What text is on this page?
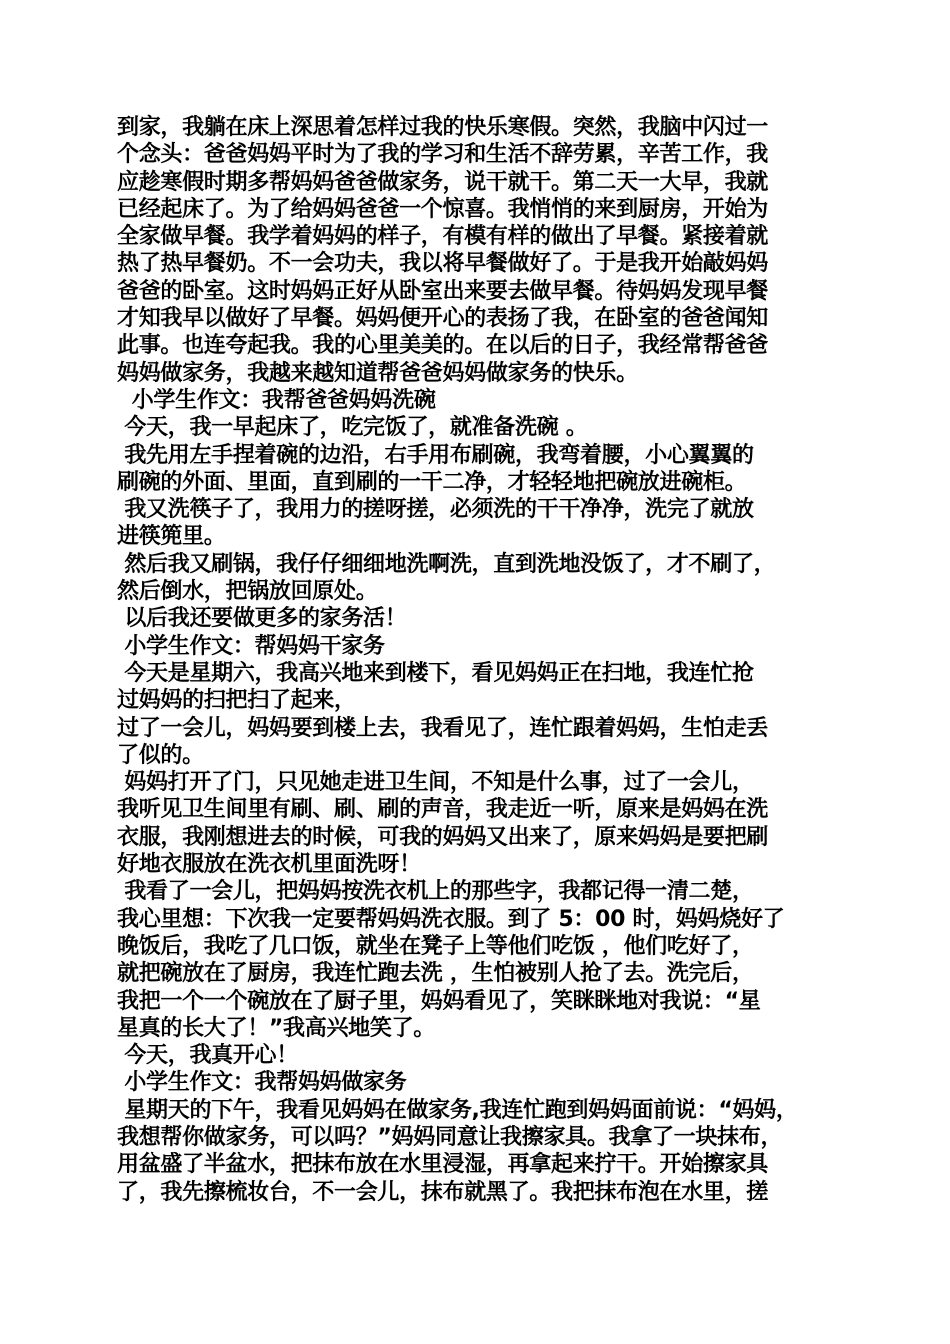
到家，我躺在床上深思着怎样过我的快乐寒假。突然，我脑中闪过一
个念头：爸爸妈妈平时为了我的学习和生活不辞劳累，辛苦工作，我
应趁寒假时期多帮妈妈爸爸做家务，说干就干。第二天一大早，我就
已经起床了。为了给妈妈爸爸一个惊喜。我悄悄的来到厨房，开始为
全家做早餐。我学着妈妈的样子，有模有样的做出了早餐。紧接着就
热了热早餐奶。不一会功夫，我以将早餐做好了。于是我开始敲妈妈
爸爸的卧室。这时妈妈正好从卧室出来要去做早餐。待妈妈发现早餐
才知我早以做好了早餐。妈妈便开心的表扬了我，在卧室的爸爸闻知
此事。也连夸起我。我的心里美美的。在以后的日子，我经常帮爸爸
妈妈做家务，我越来越知道帮爸爸妈妈做家务的快乐。
小学生作文：我帮爸爸妈妈洗碗
今天，我一早起床了，吃完饭了，就准备洗碗 。
我先用左手捏着碗的边沿，右手用布刷碗，我弯着腰，小心翼翼的
刷碗的外面、里面，直到刷的一干二净，才轻轻地把碗放进碗柜。
我又洗筷子了，我用力的搓呀搓，必须洗的干干净净，洗完了就放
进筷篼里。
然后我又刷锅，我仔仔细细地洗啊洗，直到洗地没饭了，才不刷了，
然后倒水，把锅放回原处。
以后我还要做更多的家务活！
小学生作文：帮妈妈干家务
今天是星期六，我高兴地来到楼下，看见妈妈正在扫地，我连忙抢
过妈妈的扫把扫了起来，
过了一会儿，妈妈要到楼上去，我看见了，连忙跟着妈妈，生怕走丢
了似的。
妈妈打开了门，只见她走进卫生间，不知是什么事，过了一会儿，
我听见卫生间里有刷、刷、刷的声音，我走近一听，原来是妈妈在洗
衣服，我刚想进去的时候，可我的妈妈又出来了，原来妈妈是要把刷
好地衣服放在洗衣机里面洗呀！
我看了一会儿，把妈妈按洗衣机上的那些字，我都记得一清二楚，
我心里想：下次我一定要帮妈妈洗衣服。到了 5：00 时，妈妈烧好了
晚饭后，我吃了几口饭，就坐在凳子上等他们吃饭 ，他们吃好了，
就把碗放在了厨房，我连忙跑去洗 ，生怕被别人抢了去。洗完后，
我把一个一个碗放在了厨子里，妈妈看见了，笑眯眯地对我说：“星
星真的长大了！”我高兴地笑了。
今天，我真开心！
小学生作文：我帮妈妈做家务
星期天的下午，我看见妈妈在做家务,我连忙跑到妈妈面前说：“妈妈，
我想帮你做家务，可以吗？”妈妈同意让我擦家具。我拿了一块抹布，
用盆盛了半盆水，把抹布放在水里浸湿，再拿起来拧干。开始擦家具
了，我先擦梳妆台，不一会儿，抹布就黑了。我把抹布泡在水里，搓
